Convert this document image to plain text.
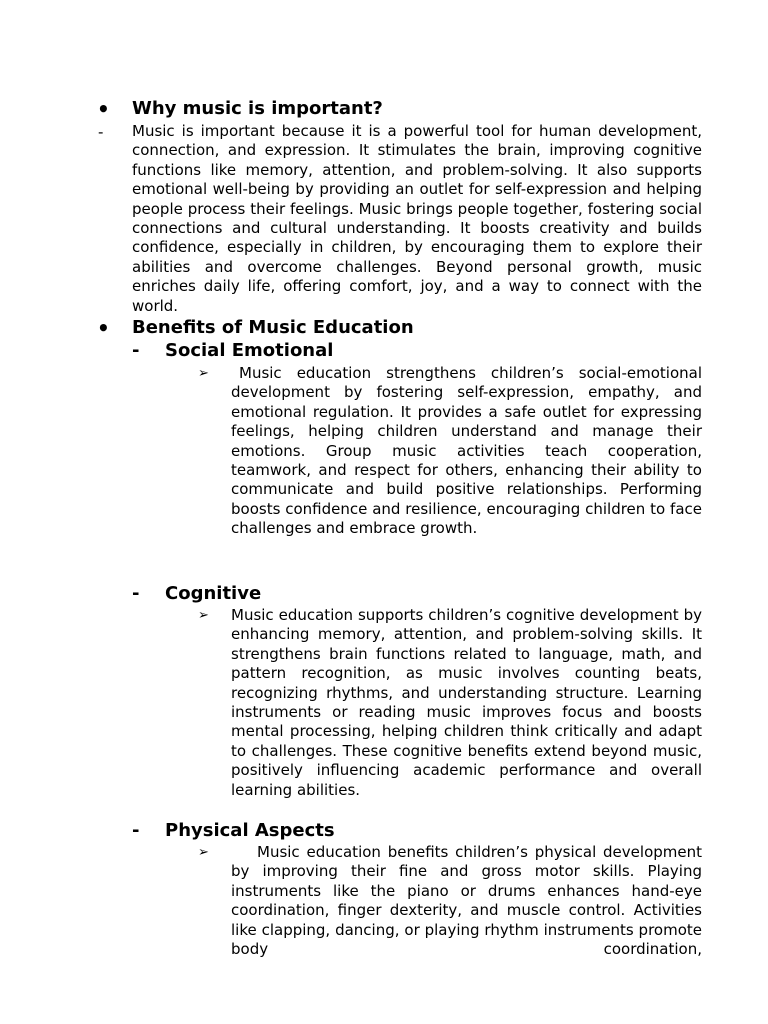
• Why music is important?
- Music is important because it is a powerful tool for human development, connection, and expression. It stimulates the brain, improving cognitive functions like memory, attention, and problem-solving. It also supports emotional well-being by providing an outlet for self-expression and helping people process their feelings. Music brings people together, fostering social connections and cultural understanding. It boosts creativity and builds confidence, especially in children, by encouraging them to explore their abilities and overcome challenges. Beyond personal growth, music enriches daily life, offering comfort, joy, and a way to connect with the world.

• Benefits of Music Education
- Social Emotional
➢	Music education strengthens children’s social-emotional development by fostering self-expression, empathy, and emotional regulation. It provides a safe outlet for expressing feelings, helping children understand and manage their emotions. Group music activities teach cooperation, teamwork, and respect for others, enhancing their ability to communicate and build positive relationships. Performing boosts confidence and resilience, encouraging children to face challenges and embrace growth.

- Cognitive
➢ Music education supports children’s cognitive development by enhancing memory, attention, and problem-solving skills. It strengthens brain functions related to language, math, and pattern recognition, as music involves counting beats, recognizing rhythms, and understanding structure. Learning instruments or reading music improves focus and boosts mental processing, helping children think critically and adapt to challenges. These cognitive benefits extend beyond music, positively influencing academic performance and overall learning abilities.

- Physical Aspects
➢	Music education benefits children’s physical development by improving their fine and gross motor skills. Playing instruments like the piano or drums enhances hand-eye coordination, finger dexterity, and muscle control. Activities like clapping, dancing, or playing rhythm instruments promote body coordination,
